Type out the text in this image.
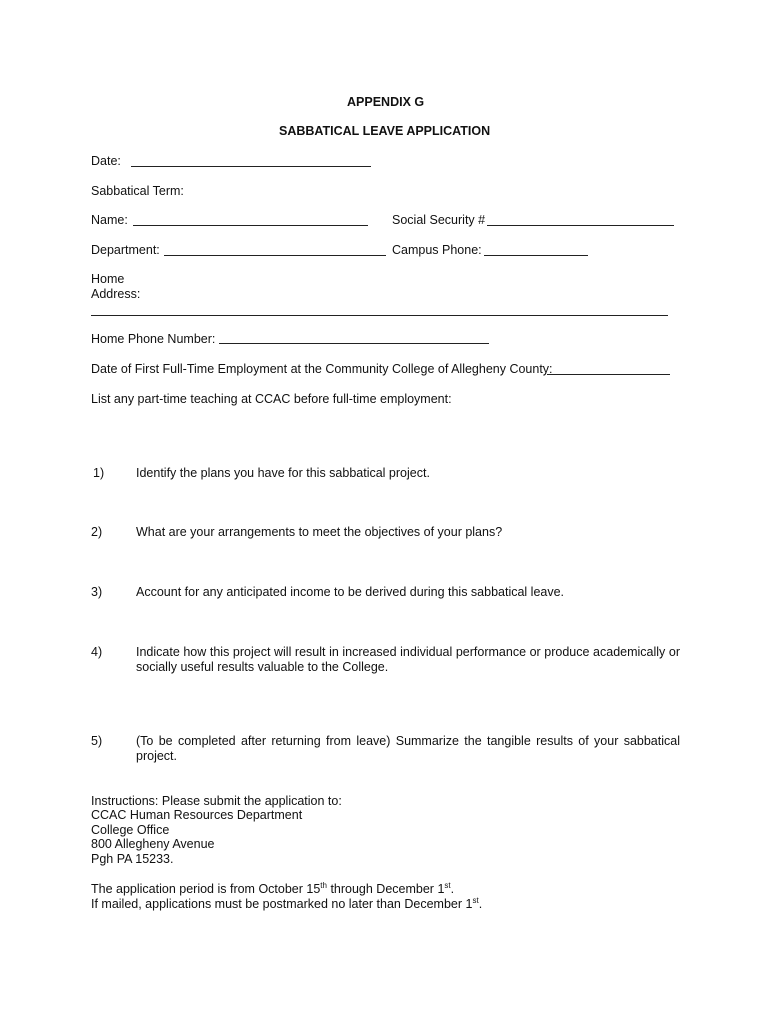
APPENDIX G
SABBATICAL LEAVE APPLICATION
Date:
Sabbatical Term:
Name:	Social Security #
Department:	Campus Phone:
Home
Address:
Home Phone Number:
Date of First Full-Time Employment at the Community College of Allegheny County:
List any part-time teaching at CCAC before full-time employment:
1)	Identify the plans you have for this sabbatical project.
2)	What are your arrangements to meet the objectives of your plans?
3)	Account for any anticipated income to be derived during this sabbatical leave.
4)	Indicate how this project will result in increased individual performance or produce academically or socially useful results valuable to the College.
5)	(To be completed after returning from leave) Summarize the tangible results of your sabbatical project.
Instructions: Please submit the application to:
CCAC Human Resources Department
College Office
800 Allegheny Avenue
Pgh PA 15233.
The application period is from October 15th through December 1st.
If mailed, applications must be postmarked no later than December 1st.
